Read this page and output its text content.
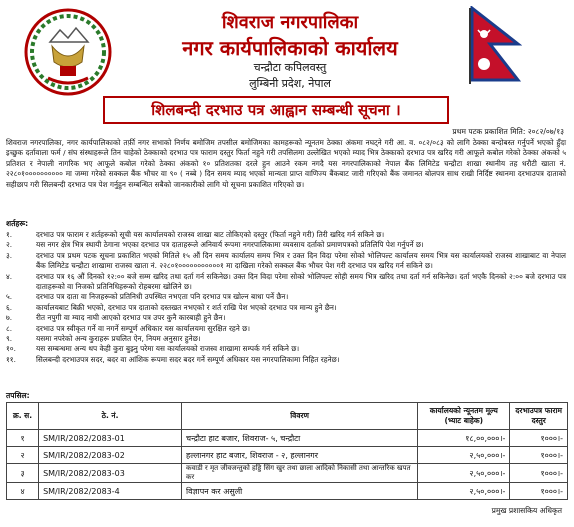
शिवराज नगरपालिका
नगर कार्यपालिकाको कार्यालय
चन्द्रौटा कपिलवस्तु
लुम्बिनी प्रदेश, नेपाल
शिलबन्दी दरभाउ पत्र आह्वान सम्बन्धी सूचना ।
प्रथम पटक प्रकाशित मिति: २०८२/०७/१३
शिवराज नगरपालिका, नगर कार्यपालिकाको तर्फ़ी नगर सभाको निर्णय बमोजिम तपसील बमोजिमका कामहरूको न्यूनतम ठेक्का अंकमा नघट्ने गरी आ. व. ०८२/०८३ को लागि ठेक्का बन्दोबस्त गर्नुपर्ने भएको हुँदा इच्छुक दर्तावाला फर्म / संघ संस्थाहरूले तिन चाहेको ठेक्काको दरभाउ पत्र फाराम दस्तुर फिर्ता नहुने गरी तपसिलमा उल्लेखित भएको म्याद भित्र ठेक्काको दरभाउ पत्र खरिद गरी आफूले कबोल गरेको ठेक्का अंकको ५ प्रतिशत र नेपाली नागरिक भए आफूले कबोल गरेको ठेक्का अंकको १० प्रतिशतका दरले हुन आउने रकम नगदै यस नगरपालिकाको नेपाल बैंक लिमिटेड चन्द्रौटा शाखा स्थानीय तह धरौटी खाता नं. २२८०१०००००००००० मा जम्मा गरेको सक्कल बैंक भौचर वा ९० ( नब्बे ) दिन समय म्याद भएको मान्यता प्राप्त वाणिज्य बैंकबाट जारी गरिएको बैंक जमानत बोलपत्र साथ राखी निर्दिष्ट स्थानमा दरभाउपत्र दाताको सहीछाप गरी सिलबन्दी दरभाउ पत्र पेश गर्नुहुन सम्बन्धित सबैको जानकारीको लागि यो सूचना प्रकाशित गरिएको छ।
शर्तहरू:
१.	दरभाउ पत्र फाराम र शर्तहरूको सूची यस कार्यालयको राजस्व शाखा बाट तोकिएको दस्तुर (फिर्ता नहुने गरी) तिरी खरिद गर्न सकिने छ।
२.	यस नगर क्षेत्र भित्र स्थायी ठेगाना भएका दरभाउ पत्र दाताहरूले अनिवार्य रूपमा नगरपालिकामा व्यवसाय दर्ताको प्रमाणपत्रको प्रतिलिपि पेश गर्नुपर्ने छ।
३.	दरभाउ पत्र प्रथम पटक सूचना प्रकाशित भएको मितिले १५ औं दिन समय कार्यालय समय भित्र र उक्त दिन विदा परेमा सोको भोलिपल्ट कार्यालय समय भित्र यस कार्यालयको राजस्व शाखाबाट वा नेपाल बैंक लिमिटेड चन्द्रौटा शाखामा राजस्व खाता नं. २२८०१०००००००००००१ मा दाखिला गरेको सक्कल बैंक भौचर पेश गरी दरभाउ पत्र खरिद गर्न सकिने छ।
४.	दरभाउ पत्र १६ औं दिनको १२:०० बजे सम्म खरिद तथा दर्ता गर्न सकिनेछ। उक्त दिन विदा परेमा सोको भोलिपल्ट सोही समय भित्र खरिद तथा दर्ता गर्न सकिनेछ। दर्ता भएकै दिनको २:०० बजे दरभाउ पत्र दाताहरूको वा निजको प्रतिनिधिहरूको रोहबरमा खोलिने छ।
५.	दरभाउ पत्र दाता वा निजहरूको प्रतिनिधी उपस्थित नभएता पनि दरभाउ पत्र खोल्न बाधा पर्ने छैन।
६.	कार्यालयबाट बिक्री भएको, दरभाउ पत्र दाताको दस्तखत नभएको र शर्त राखि पेश भएको दरभाउ पत्र मान्य हुने छैन।
७.	रीत नपुगी वा म्याद नाघी आएको दरभाउ पत्र उपर कुनै कारबाही हुने छैन।
८.	दरभाउ पत्र स्वीकृत गर्ने वा नगर्ने सम्पूर्ण अधिकार यस कार्यालयमा सुरक्षित रहने छ।
९.	यसमा नपरेको अन्य कुराहरू प्रचलित ऐन, नियम अनुसार हुनेछ।
१०.	यस सम्बन्धमा अन्य थप केही कुरा बुझ्नु परेमा यस कार्यालयको राजस्व शाखामा सम्पर्क गर्न सकिने छ।
११.	सिलबन्दी दरभाउपत्र सदर, बदर वा आंशिक रूपमा सदर बदर गर्ने सम्पूर्ण अधिकार यस नगरपालिकामा निहित रहनेछ।
तपसिल:
क्र. स.	ठे. नं.	विवरण	कार्यालयको न्यूनतम मूल्य (भ्याट बाहेक)	दरभाउपत्र फाराम दस्तुर
१	SM/IR/2082/2083-01	चन्द्रौटा हाट बजार, शिवराज- ५, चन्द्रौटा	१८,००,०००।-	१०००।-
२	SM/IR/2082/2083-02	हल्लानगर हाट बजार, शिवराज - २, हल्लानगर	२,५०,०००।-	१०००।-
३	SM/IR/2082/2083-03	कवाडी र मृत जीवजन्तुको हड्डि सिंग खुर तथा छाला आदिको निकासी तथा आन्तरिक खपत कर	२,५०,०००।-	१०००।-
४	SM/IR/2082/2083-4	विज्ञापन कर असुली	२,५०,०००।-	१०००।-
प्रमुख प्रशासकिय अधिकृत
